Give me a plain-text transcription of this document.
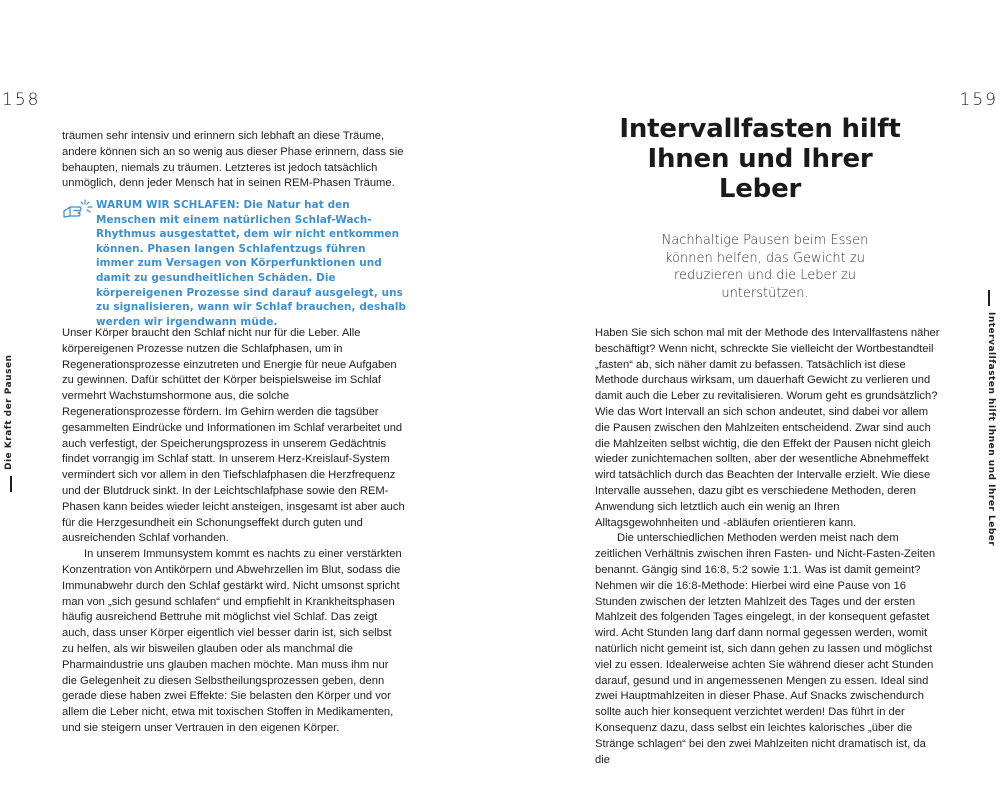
158
Die Kraft der Pausen

träumen sehr intensiv und erinnern sich lebhaft an diese Träume, andere können sich an so wenig aus dieser Phase erinnern, dass sie behaupten, niemals zu träumen. Letzteres ist jedoch tatsächlich unmöglich, denn jeder Mensch hat in seinen REM-Phasen Träume.

WARUM WIR SCHLAFEN: Die Natur hat den Menschen mit einem natürlichen Schlaf-Wach-Rhythmus ausgestattet, dem wir nicht entkommen können. Phasen langen Schlafentzugs führen immer zum Versagen von Körperfunktionen und damit zu gesundheitlichen Schäden. Die körpereigenen Prozesse sind darauf ausgelegt, uns zu signalisieren, wann wir Schlaf brauchen, deshalb werden wir irgendwann müde.

Unser Körper braucht den Schlaf nicht nur für die Leber. Alle körpereigenen Prozesse nutzen die Schlafphasen, um in Regenerationsprozesse einzutreten und Energie für neue Aufgaben zu gewinnen. Dafür schüttet der Körper beispielsweise im Schlaf vermehrt Wachstumshormone aus, die solche Regenerationsprozesse fördern. Im Gehirn werden die tagsüber gesammelten Eindrücke und Informationen im Schlaf verarbeitet und auch verfestigt, der Speicherungsprozess in unserem Gedächtnis findet vorrangig im Schlaf statt. In unserem Herz-Kreislauf-System vermindert sich vor allem in den Tiefschlafphasen die Herzfrequenz und der Blutdruck sinkt. In der Leichtschlafphase sowie den REM-Phasen kann beides wieder leicht ansteigen, insgesamt ist aber auch für die Herzgesundheit ein Schonungseffekt durch guten und ausreichenden Schlaf vorhanden.

In unserem Immunsystem kommt es nachts zu einer verstärkten Konzentration von Antikörpern und Abwehrzellen im Blut, sodass die Immunabwehr durch den Schlaf gestärkt wird. Nicht umsonst spricht man von „sich gesund schlafen“ und empfiehlt in Krankheitsphasen häufig ausreichend Bettruhe mit möglichst viel Schlaf. Das zeigt auch, dass unser Körper eigentlich viel besser darin ist, sich selbst zu helfen, als wir bisweilen glauben oder als manchmal die Pharmaindustrie uns glauben machen möchte. Man muss ihm nur die Gelegenheit zu diesen Selbstheilungsprozessen geben, denn gerade diese haben zwei Effekte: Sie belasten den Körper und vor allem die Leber nicht, etwa mit toxischen Stoffen in Medikamenten, und sie steigern unser Vertrauen in den eigenen Körper.

159
Intervallfasten hilft Ihnen und Ihrer Leber
Intervallfasten hilft Ihnen und Ihrer Leber
Nachhaltige Pausen beim Essen können helfen, das Gewicht zu reduzieren und die Leber zu unterstützen.

Haben Sie sich schon mal mit der Methode des Intervallfastens näher beschäftigt? Wenn nicht, schreckte Sie vielleicht der Wortbestandteil „fasten“ ab, sich näher damit zu befassen. Tatsächlich ist diese Methode durchaus wirksam, um dauerhaft Gewicht zu verlieren und damit auch die Leber zu revitalisieren. Worum geht es grundsätzlich? Wie das Wort Intervall an sich schon andeutet, sind dabei vor allem die Pausen zwischen den Mahlzeiten entscheidend. Zwar sind auch die Mahlzeiten selbst wichtig, die den Effekt der Pausen nicht gleich wieder zunichtemachen sollten, aber der wesentliche Abnehmeffekt wird tatsächlich durch das Beachten der Intervalle erzielt. Wie diese Intervalle aussehen, dazu gibt es verschiedene Methoden, deren Anwendung sich letztlich auch ein wenig an Ihren Alltagsgewohnheiten und -abläufen orientieren kann.

Die unterschiedlichen Methoden werden meist nach dem zeitlichen Verhältnis zwischen ihren Fasten- und Nicht-Fasten-Zeiten benannt. Gängig sind 16:8, 5:2 sowie 1:1. Was ist damit gemeint? Nehmen wir die 16:8-Methode: Hierbei wird eine Pause von 16 Stunden zwischen der letzten Mahlzeit des Tages und der ersten Mahlzeit des folgenden Tages eingelegt, in der konsequent gefastet wird. Acht Stunden lang darf dann normal gegessen werden, womit natürlich nicht gemeint ist, sich dann gehen zu lassen und möglichst viel zu essen. Idealerweise achten Sie während dieser acht Stunden darauf, gesund und in angemessenen Mengen zu essen. Ideal sind zwei Hauptmahlzeiten in dieser Phase. Auf Snacks zwischendurch sollte auch hier konsequent verzichtet werden! Das führt in der Konsequenz dazu, dass selbst ein leichtes kalorisches „über die Stränge schlagen“ bei den zwei Mahlzeiten nicht dramatisch ist, da die
